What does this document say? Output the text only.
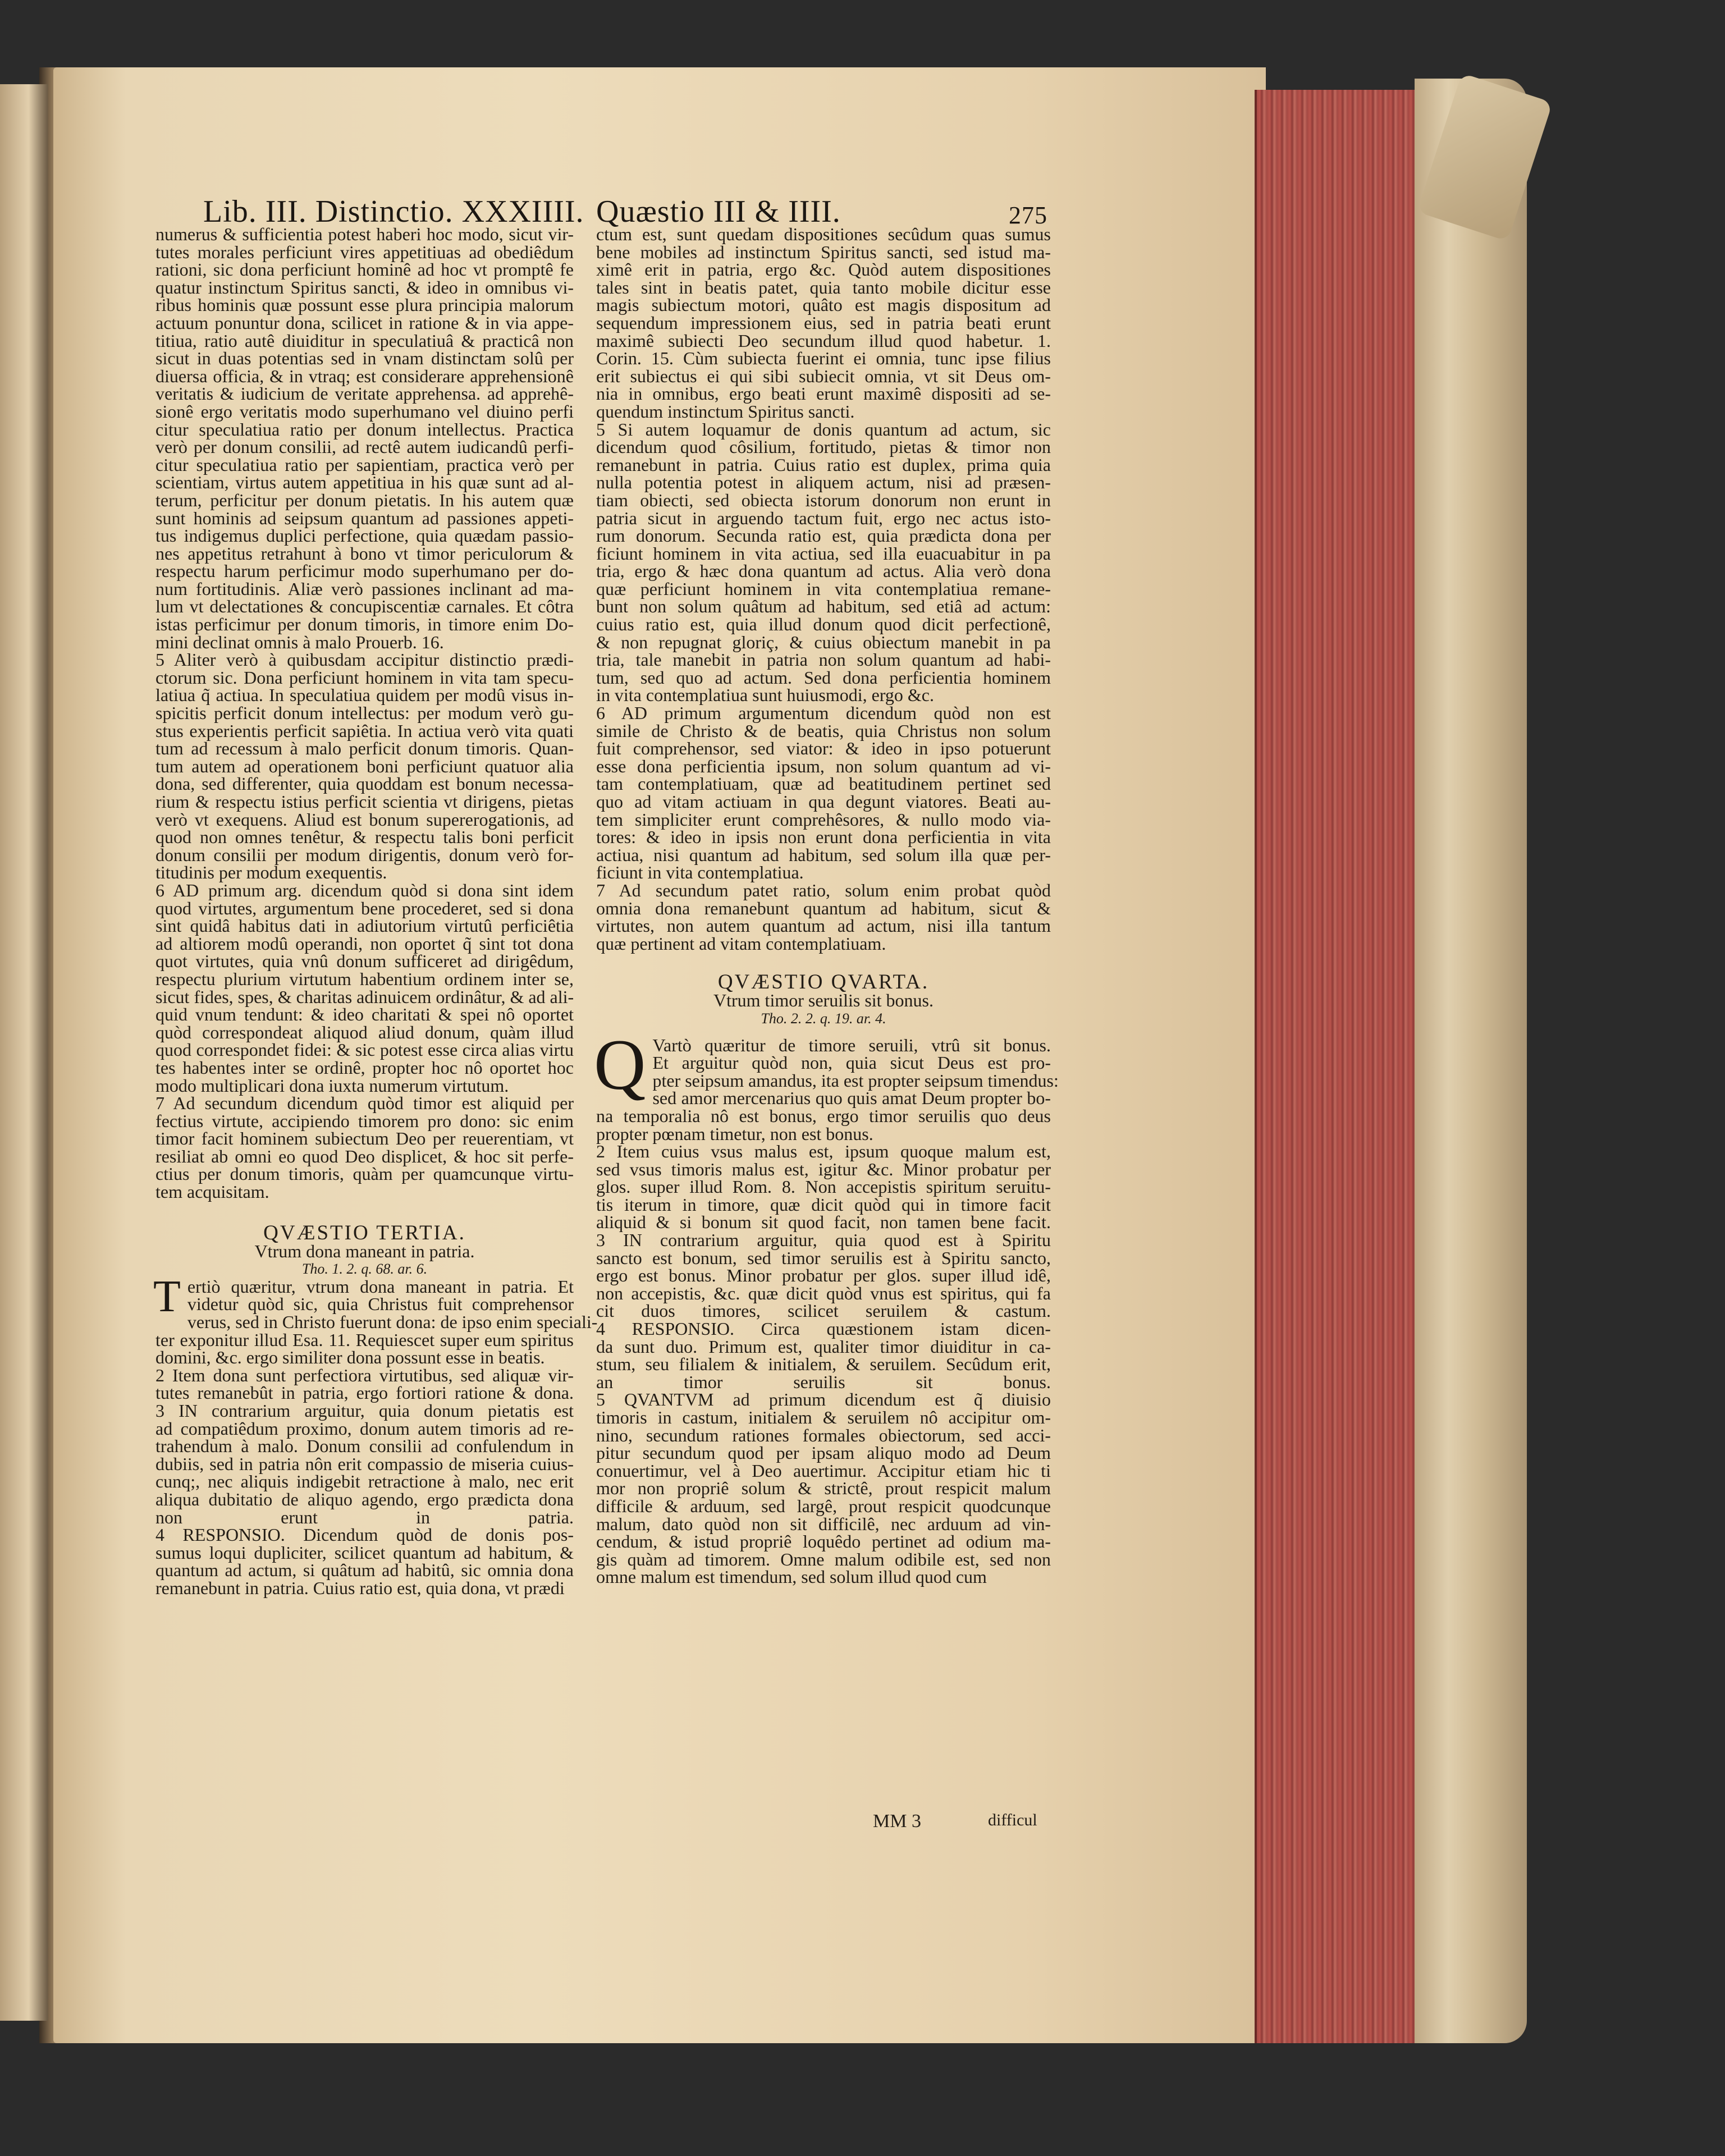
Lib. III. Distinctio. XXXIIII. Quæstio III & IIII.	275
numerus & sufficientia potest haberi hoc modo, sicut vir-
tutes morales perficiunt vires appetitiuas ad obediêdum
rationi, sic dona perficiunt hominê ad hoc vt promptê fe
quatur instinctum Spiritus sancti, & ideo in omnibus vi-
ribus hominis quæ possunt esse plura principia malorum
actuum ponuntur dona, scilicet in ratione & in via appe-
titiua, ratio autê diuiditur in speculatiuâ & practicâ non
sicut in duas potentias sed in vnam distinctam solû per
diuersa officia, & in vtraq; est considerare apprehensionê
veritatis & iudicium de veritate apprehensa. ad apprehê-
sionê ergo veritatis modo superhumano vel diuino perfi
citur speculatiua ratio per donum intellectus. Practica
verò per donum consilii, ad rectê autem iudicandû perfi-
citur speculatiua ratio per sapientiam, practica verò per
scientiam, virtus autem appetitiua in his quæ sunt ad al-
terum, perficitur per donum pietatis. In his autem quæ
sunt hominis ad seipsum quantum ad passiones appeti-
tus indigemus duplici perfectione, quia quædam passio-
nes appetitus retrahunt à bono vt timor periculorum &
respectu harum perficimur modo superhumano per do-
num fortitudinis. Aliæ verò passiones inclinant ad ma-
lum vt delectationes & concupiscentiæ carnales. Et côtra
istas perficimur per donum timoris, in timore enim Do-
mini declinat omnis à malo Prouerb. 16.
5 Aliter verò à quibusdam accipitur distinctio prædi-
ctorum sic. Dona perficiunt hominem in vita tam specu-
latiua q̃ actiua. In speculatiua quidem per modû visus in-
spicitis perficit donum intellectus: per modum verò gu-
stus experientis perficit sapiêtia. In actiua verò vita quati
tum ad recessum à malo perficit donum timoris. Quan-
tum autem ad operationem boni perficiunt quatuor alia
dona, sed differenter, quia quoddam est bonum necessa-
rium & respectu istius perficit scientia vt dirigens, pietas
verò vt exequens. Aliud est bonum supererogationis, ad
quod non omnes tenêtur, & respectu talis boni perficit
donum consilii per modum dirigentis, donum verò for-
titudinis per modum exequentis.
6 AD primum arg. dicendum quòd si dona sint idem
quod virtutes, argumentum bene procederet, sed si dona
sint quidâ habitus dati in adiutorium virtutû perficiêtia
ad altiorem modû operandi, non oportet q̃ sint tot dona
quot virtutes, quia vnû donum sufficeret ad dirigêdum,
respectu plurium virtutum habentium ordinem inter se,
sicut fides, spes, & charitas adinuicem ordinâtur, & ad ali-
quid vnum tendunt: & ideo charitati & spei nô oportet
quòd correspondeat aliquod aliud donum, quàm illud
quod correspondet fidei: & sic potest esse circa alias virtu
tes habentes inter se ordinê, propter hoc nô oportet hoc
modo multiplicari dona iuxta numerum virtutum.
7 Ad secundum dicendum quòd timor est aliquid per
fectius virtute, accipiendo timorem pro dono: sic enim
timor facit hominem subiectum Deo per reuerentiam, vt
resiliat ab omni eo quod Deo displicet, & hoc sit perfe-
ctius per donum timoris, quàm per quamcunque virtu-
tem acquisitam.
QVÆSTIO TERTIA.
Vtrum dona maneant in patria.
Tho. 1. 2. q. 68. ar. 6.
T ertiò quæritur, vtrum dona maneant in patria. Et
videtur quòd sic, quia Christus fuit comprehensor
verus, sed in Christo fuerunt dona: de ipso enim speciali-
ter exponitur illud Esa. 11. Requiescet super eum spiritus
domini, &c. ergo similiter dona possunt esse in beatis.
2 Item dona sunt perfectiora virtutibus, sed aliquæ vir-
tutes remanebût in patria, ergo fortiori ratione & dona.
3 IN contrarium arguitur, quia donum pietatis est
ad compatiêdum proximo, donum autem timoris ad re-
trahendum à malo. Donum consilii ad confulendum in
dubiis, sed in patria nôn erit compassio de miseria cuius-
cunq;, nec aliquis indigebit retractione à malo, nec erit
aliqua dubitatio de aliquo agendo, ergo prædicta dona
non erunt in patria.
4 RESPONSIO. Dicendum quòd de donis pos-
sumus loqui dupliciter, scilicet quantum ad habitum, &
quantum ad actum, si quâtum ad habitû, sic omnia dona
remanebunt in patria. Cuius ratio est, quia dona, vt prædi
ctum est, sunt quedam dispositiones secûdum quas sumus
bene mobiles ad instinctum Spiritus sancti, sed istud ma-
ximê erit in patria, ergo &c. Quòd autem dispositiones
tales sint in beatis patet, quia tanto mobile dicitur esse
magis subiectum motori, quâto est magis dispositum ad
sequendum impressionem eius, sed in patria beati erunt
maximê subiecti Deo secundum illud quod habetur. 1.
Corin. 15. Cùm subiecta fuerint ei omnia, tunc ipse filius
erit subiectus ei qui sibi subiecit omnia, vt sit Deus om-
nia in omnibus, ergo beati erunt maximê dispositi ad se-
quendum instinctum Spiritus sancti.
5 Si autem loquamur de donis quantum ad actum, sic
dicendum quod côsilium, fortitudo, pietas & timor non
remanebunt in patria. Cuius ratio est duplex, prima quia
nulla potentia potest in aliquem actum, nisi ad præsen-
tiam obiecti, sed obiecta istorum donorum non erunt in
patria sicut in arguendo tactum fuit, ergo nec actus isto-
rum donorum. Secunda ratio est, quia prædicta dona per
ficiunt hominem in vita actiua, sed illa euacuabitur in pa
tria, ergo & hæc dona quantum ad actus. Alia verò dona
quæ perficiunt hominem in vita contemplatiua remane-
bunt non solum quâtum ad habitum, sed etiâ ad actum:
cuius ratio est, quia illud donum quod dicit perfectionê,
& non repugnat gloriç, & cuius obiectum manebit in pa
tria, tale manebit in patria non solum quantum ad habi-
tum, sed quo ad actum. Sed dona perficientia hominem
in vita contemplatiua sunt huiusmodi, ergo &c.
6 AD primum argumentum dicendum quòd non est
simile de Christo & de beatis, quia Christus non solum
fuit comprehensor, sed viator: & ideo in ipso potuerunt
esse dona perficientia ipsum, non solum quantum ad vi-
tam contemplatiuam, quæ ad beatitudinem pertinet sed
quo ad vitam actiuam in qua degunt viatores. Beati au-
tem simpliciter erunt comprehêsores, & nullo modo via-
tores: & ideo in ipsis non erunt dona perficientia in vita
actiua, nisi quantum ad habitum, sed solum illa quæ per-
ficiunt in vita contemplatiua.
7 Ad secundum patet ratio, solum enim probat quòd
omnia dona remanebunt quantum ad habitum, sicut &
virtutes, non autem quantum ad actum, nisi illa tantum
quæ pertinent ad vitam contemplatiuam.
QVÆSTIO QVARTA.
Vtrum timor seruilis sit bonus.
Tho. 2. 2. q. 19. ar. 4.
Q Vartò quæritur de timore seruili, vtrû sit bonus.
Et arguitur quòd non, quia sicut Deus est pro-
pter seipsum amandus, ita est propter seipsum timendus:
sed amor mercenarius quo quis amat Deum propter bo-
na temporalia nô est bonus, ergo timor seruilis quo deus
propter pœnam timetur, non est bonus.
2 Item cuius vsus malus est, ipsum quoque malum est,
sed vsus timoris malus est, igitur &c. Minor probatur per
glos. super illud Rom. 8. Non accepistis spiritum seruitu-
tis iterum in timore, quæ dicit quòd qui in timore facit
aliquid & si bonum sit quod facit, non tamen bene facit.
3 IN contrarium arguitur, quia quod est à Spiritu
sancto est bonum, sed timor seruilis est à Spiritu sancto,
ergo est bonus. Minor probatur per glos. super illud idê,
non accepistis, &c. quæ dicit quòd vnus est spiritus, qui fa
cit duos timores, scilicet seruilem & castum.
4 RESPONSIO. Circa quæstionem istam dicen-
da sunt duo. Primum est, qualiter timor diuiditur in ca-
stum, seu filialem & initialem, & seruilem. Secûdum erit,
an timor seruilis sit bonus.
5 QVANTVM ad primum dicendum est q̃ diuisio
timoris in castum, initialem & seruilem nô accipitur om-
nino, secundum rationes formales obiectorum, sed acci-
pitur secundum quod per ipsam aliquo modo ad Deum
conuertimur, vel à Deo auertimur. Accipitur etiam hic ti
mor non propriê solum & strictê, prout respicit malum
difficile & arduum, sed largê, prout respicit quodcunque
malum, dato quòd non sit difficilê, nec arduum ad vin-
cendum, & istud propriê loquêdo pertinet ad odium ma-
gis quàm ad timorem. Omne malum odibile est, sed non
omne malum est timendum, sed solum illud quod cum
MM 3	difficul
